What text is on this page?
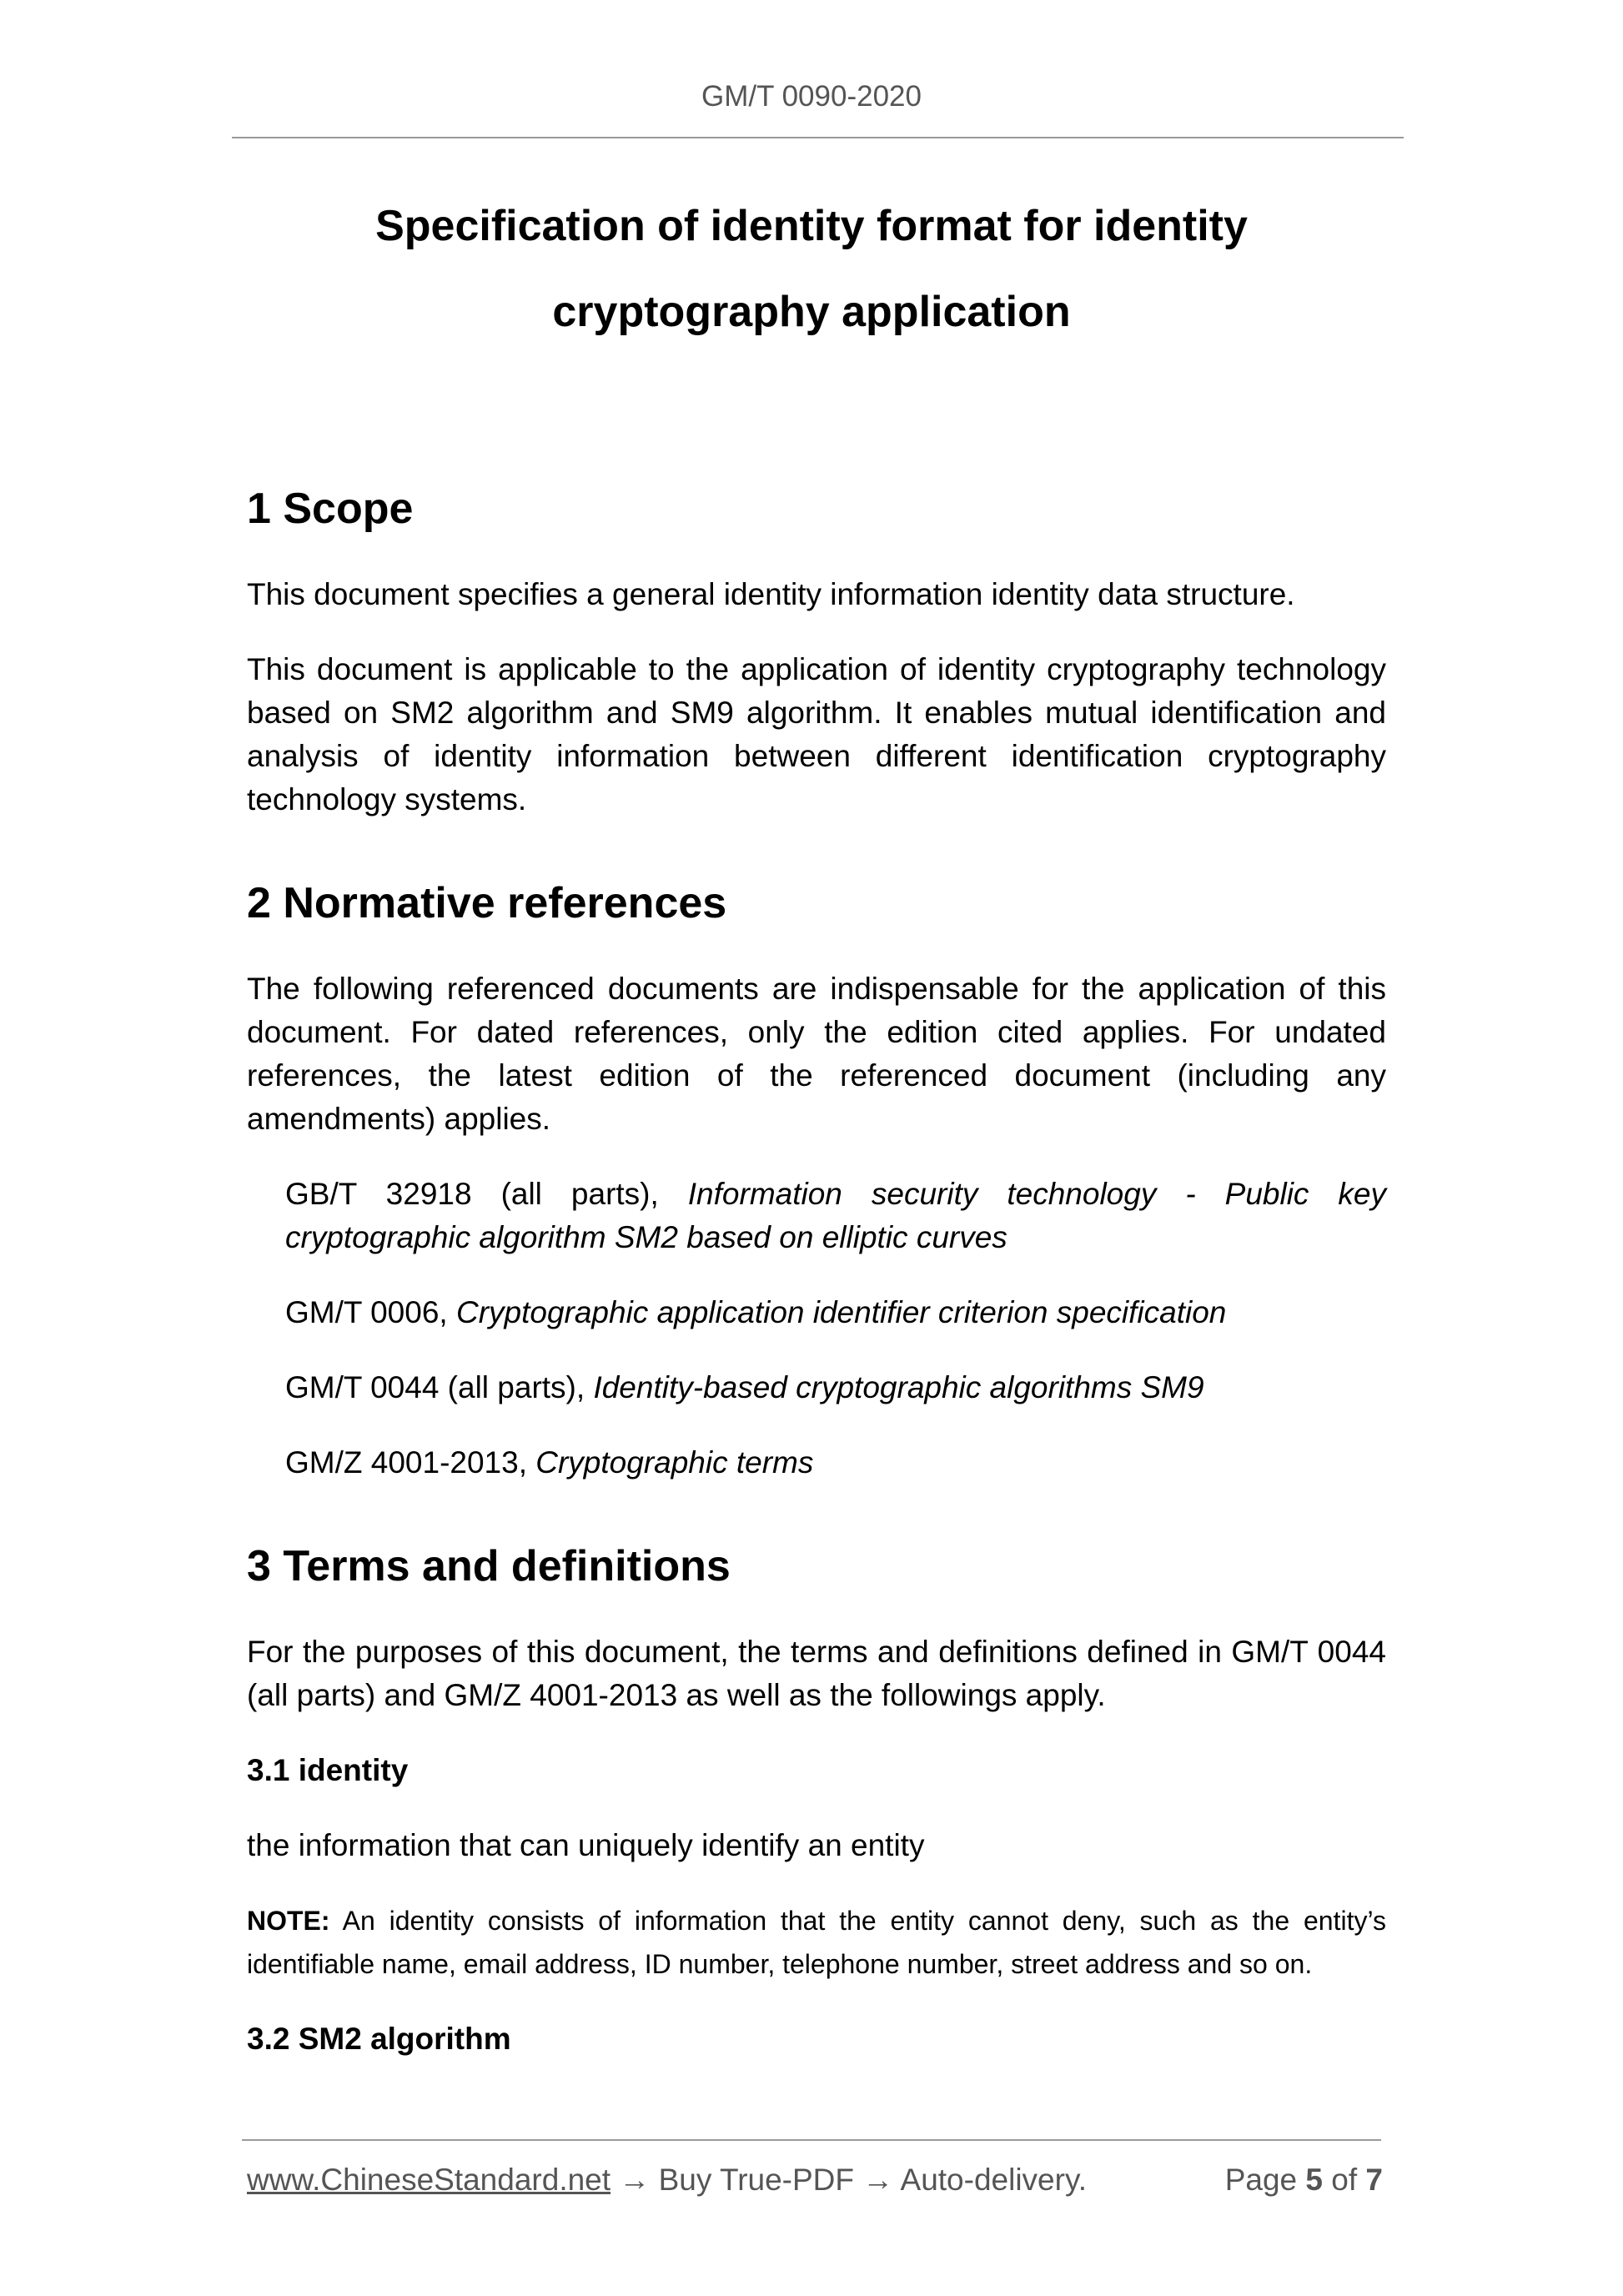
GM/T 0090-2020
Specification of identity format for identity
cryptography application
1 Scope

This document specifies a general identity information identity data structure.

This document is applicable to the application of identity cryptography technology based on SM2 algorithm and SM9 algorithm. It enables mutual identification and analysis of identity information between different identification cryptography technology systems.

2 Normative references

The following referenced documents are indispensable for the application of this document. For dated references, only the edition cited applies. For undated references, the latest edition of the referenced document (including any amendments) applies.

GB/T 32918 (all parts), Information security technology - Public key cryptographic algorithm SM2 based on elliptic curves

GM/T 0006, Cryptographic application identifier criterion specification

GM/T 0044 (all parts), Identity-based cryptographic algorithms SM9

GM/Z 4001-2013, Cryptographic terms

3 Terms and definitions

For the purposes of this document, the terms and definitions defined in GM/T 0044 (all parts) and GM/Z 4001-2013 as well as the followings apply.

3.1 identity

the information that can uniquely identify an entity

NOTE: An identity consists of information that the entity cannot deny, such as the entity’s identifiable name, email address, ID number, telephone number, street address and so on.

3.2 SM2 algorithm
www.ChineseStandard.net → Buy True-PDF → Auto-delivery.	Page 5 of 7
